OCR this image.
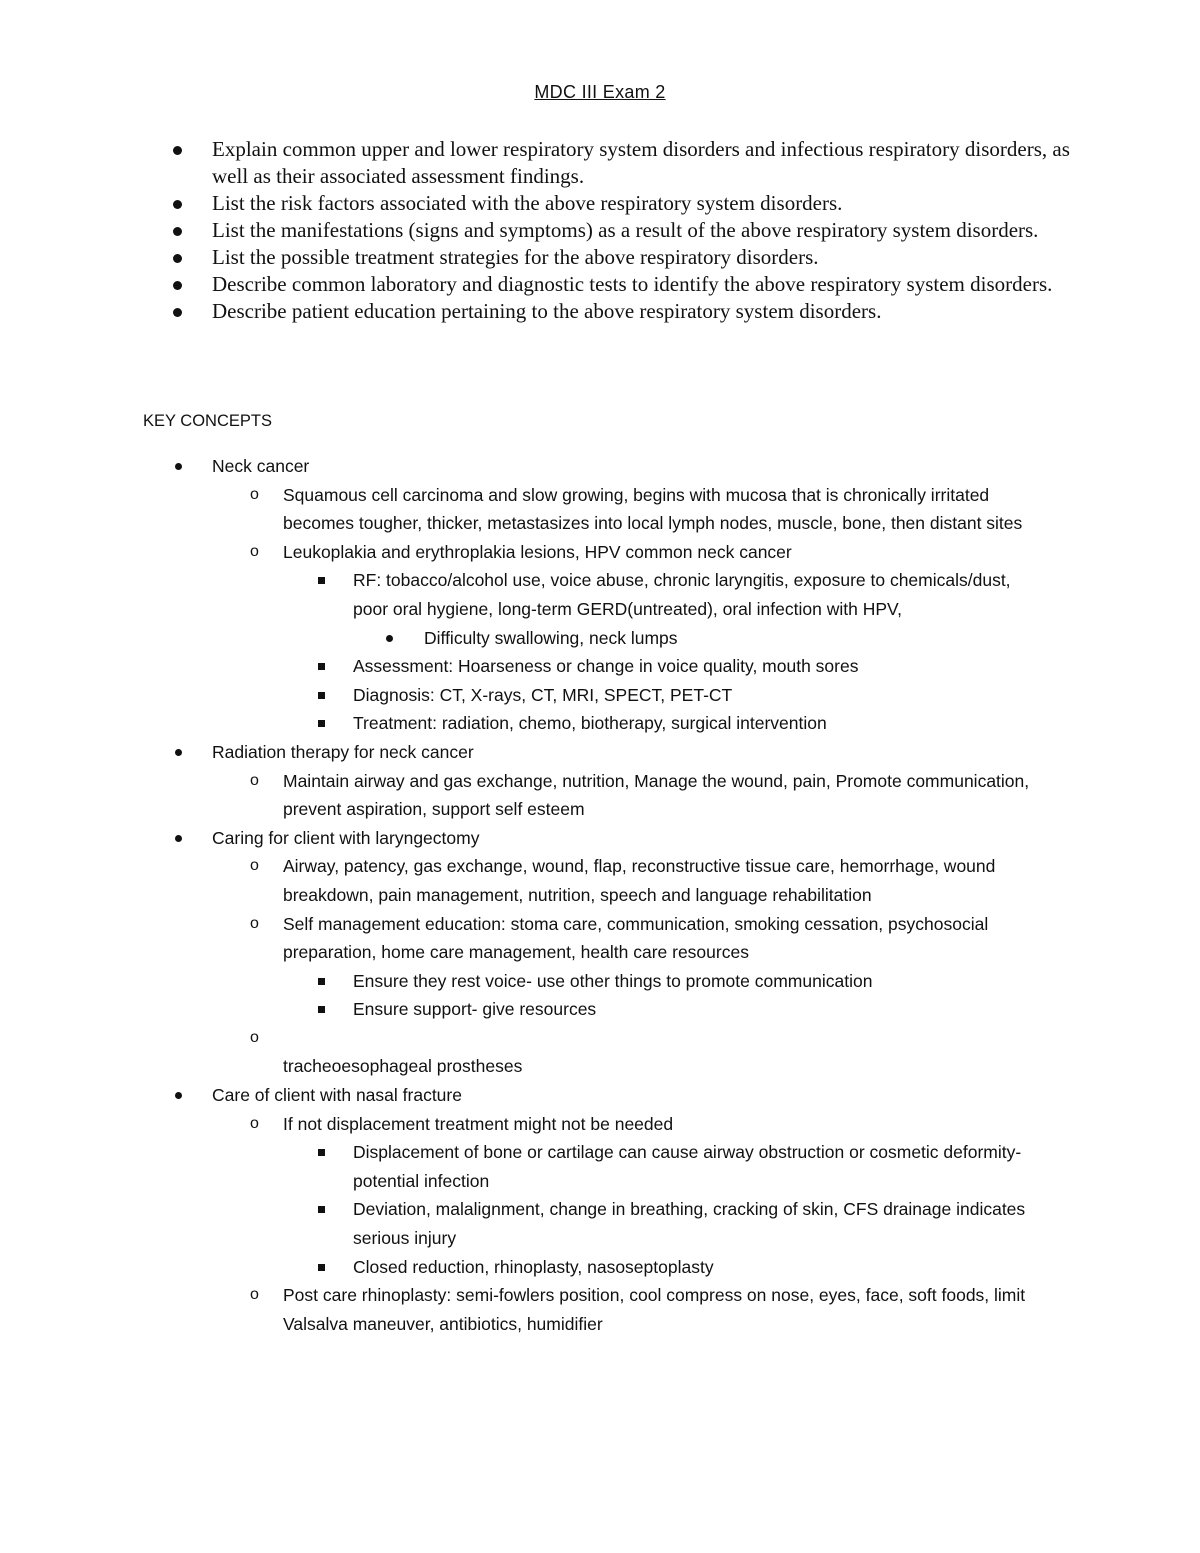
MDC III Exam 2
Explain common upper and lower respiratory system disorders and infectious respiratory disorders, as well as their associated assessment findings.
List the risk factors associated with the above respiratory system disorders.
List the manifestations (signs and symptoms) as a result of the above respiratory system disorders.
List the possible treatment strategies for the above respiratory disorders.
Describe common laboratory and diagnostic tests to identify the above respiratory system disorders.
Describe patient education pertaining to the above respiratory system disorders.
KEY CONCEPTS
Neck cancer
o Squamous cell carcinoma and slow growing, begins with mucosa that is chronically irritated becomes tougher, thicker, metastasizes into local lymph nodes, muscle, bone, then distant sites
o Leukoplakia and erythroplakia lesions, HPV common neck cancer
RF: tobacco/alcohol use, voice abuse, chronic laryngitis, exposure to chemicals/dust, poor oral hygiene, long-term GERD(untreated), oral infection with HPV,
Difficulty swallowing, neck lumps
Assessment: Hoarseness or change in voice quality, mouth sores
Diagnosis: CT, X-rays, CT, MRI, SPECT, PET-CT
Treatment: radiation, chemo, biotherapy, surgical intervention
Radiation therapy for neck cancer
o Maintain airway and gas exchange, nutrition, Manage the wound, pain, Promote communication, prevent aspiration, support self esteem
Caring for client with laryngectomy
o Airway, patency, gas exchange, wound, flap, reconstructive tissue care, hemorrhage, wound breakdown, pain management, nutrition, speech and language rehabilitation
o Self management education: stoma care, communication, smoking cessation, psychosocial preparation, home care management, health care resources
Ensure they rest voice- use other things to promote communication
Ensure support- give resources
o
tracheoesophageal prostheses
Care of client with nasal fracture
o If not displacement treatment might not be needed
Displacement of bone or cartilage can cause airway obstruction or cosmetic deformity- potential infection
Deviation, malalignment, change in breathing, cracking of skin, CFS drainage indicates serious injury
Closed reduction, rhinoplasty, nasoseptoplasty
o Post care rhinoplasty: semi-fowlers position, cool compress on nose, eyes, face, soft foods, limit Valsalva maneuver, antibiotics, humidifier
